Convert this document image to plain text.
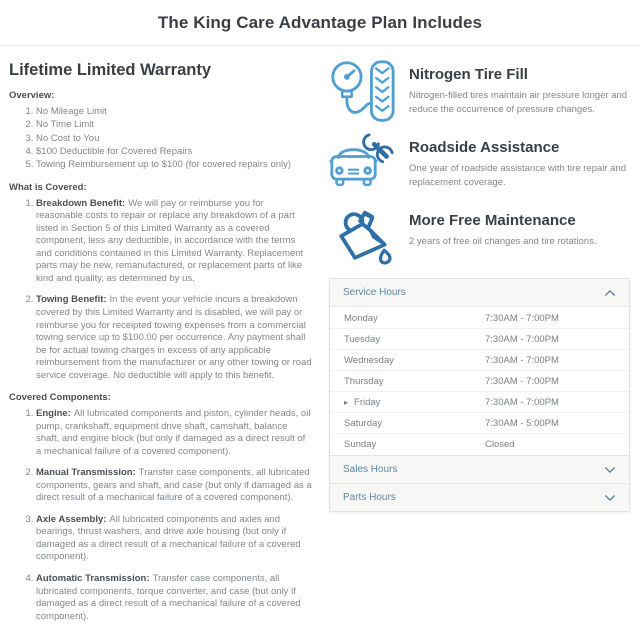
The King Care Advantage Plan Includes
Lifetime Limited Warranty
Overview:
1. No Mileage Limit
2. No Time Limit
3. No Cost to You
4. $100 Deductible for Covered Repairs
5. Towing Reimbursement up to $100 (for covered repairs only)
What is Covered:
1. Breakdown Benefit: We will pay or reimburse you for reasonable costs to repair or replace any breakdown of a part listed in Section 5 of this Limited Warranty as a covered component, less any deductible, in accordance with the terms and conditions contained in this Limited Warranty. Replacement parts may be new, remanufactured, or replacement parts of like kind and quality, as determined by us.
2. Towing Benefit: In the event your vehicle incurs a breakdown covered by this Limited Warranty and is disabled, we will pay or reimburse you for receipted towing expenses from a commercial towing service up to $100.00 per occurrence. Any payment shall be for actual towing charges in excess of any applicable reimbursement from the manufacturer or any other towing or road service coverage. No deductible will apply to this benefit.
Covered Components:
1. Engine: All lubricated components and piston, cylinder heads, oil pump, crankshaft, equipment drive shaft, camshaft, balance shaft, and engine block (but only if damaged as a direct result of a mechanical failure of a covered component).
2. Manual Transmission: Transfer case components, all lubricated components, gears and shaft, and case (but only if damaged as a direct result of a mechanical failure of a covered component).
3. Axle Assembly: All lubricated components and axles and bearings, thrust washers, and drive axle housing (but only if damaged as a direct result of a mechanical failure of a covered component).
4. Automatic Transmission: Transfer case components, all lubricated components, torque converter, and case (but only if damaged as a direct result of a mechanical failure of a covered component).
Nitrogen Tire Fill

Nitrogen-filled tires maintain air pressure longer and reduce the occurrence of pressure changes.

Roadside Assistance

One year of roadside assistance with tire repair and replacement coverage.

More Free Maintenance

2 years of free oil changes and tire rotations.

Service Hours
Monday	7:30AM - 7:00PM
Tuesday	7:30AM - 7:00PM
Wednesday	7:30AM - 7:00PM
Thursday	7:30AM - 7:00PM
▸ Friday	7:30AM - 7:00PM
Saturday	7:30AM - 5:00PM
Sunday	Closed
Sales Hours
Parts Hours
